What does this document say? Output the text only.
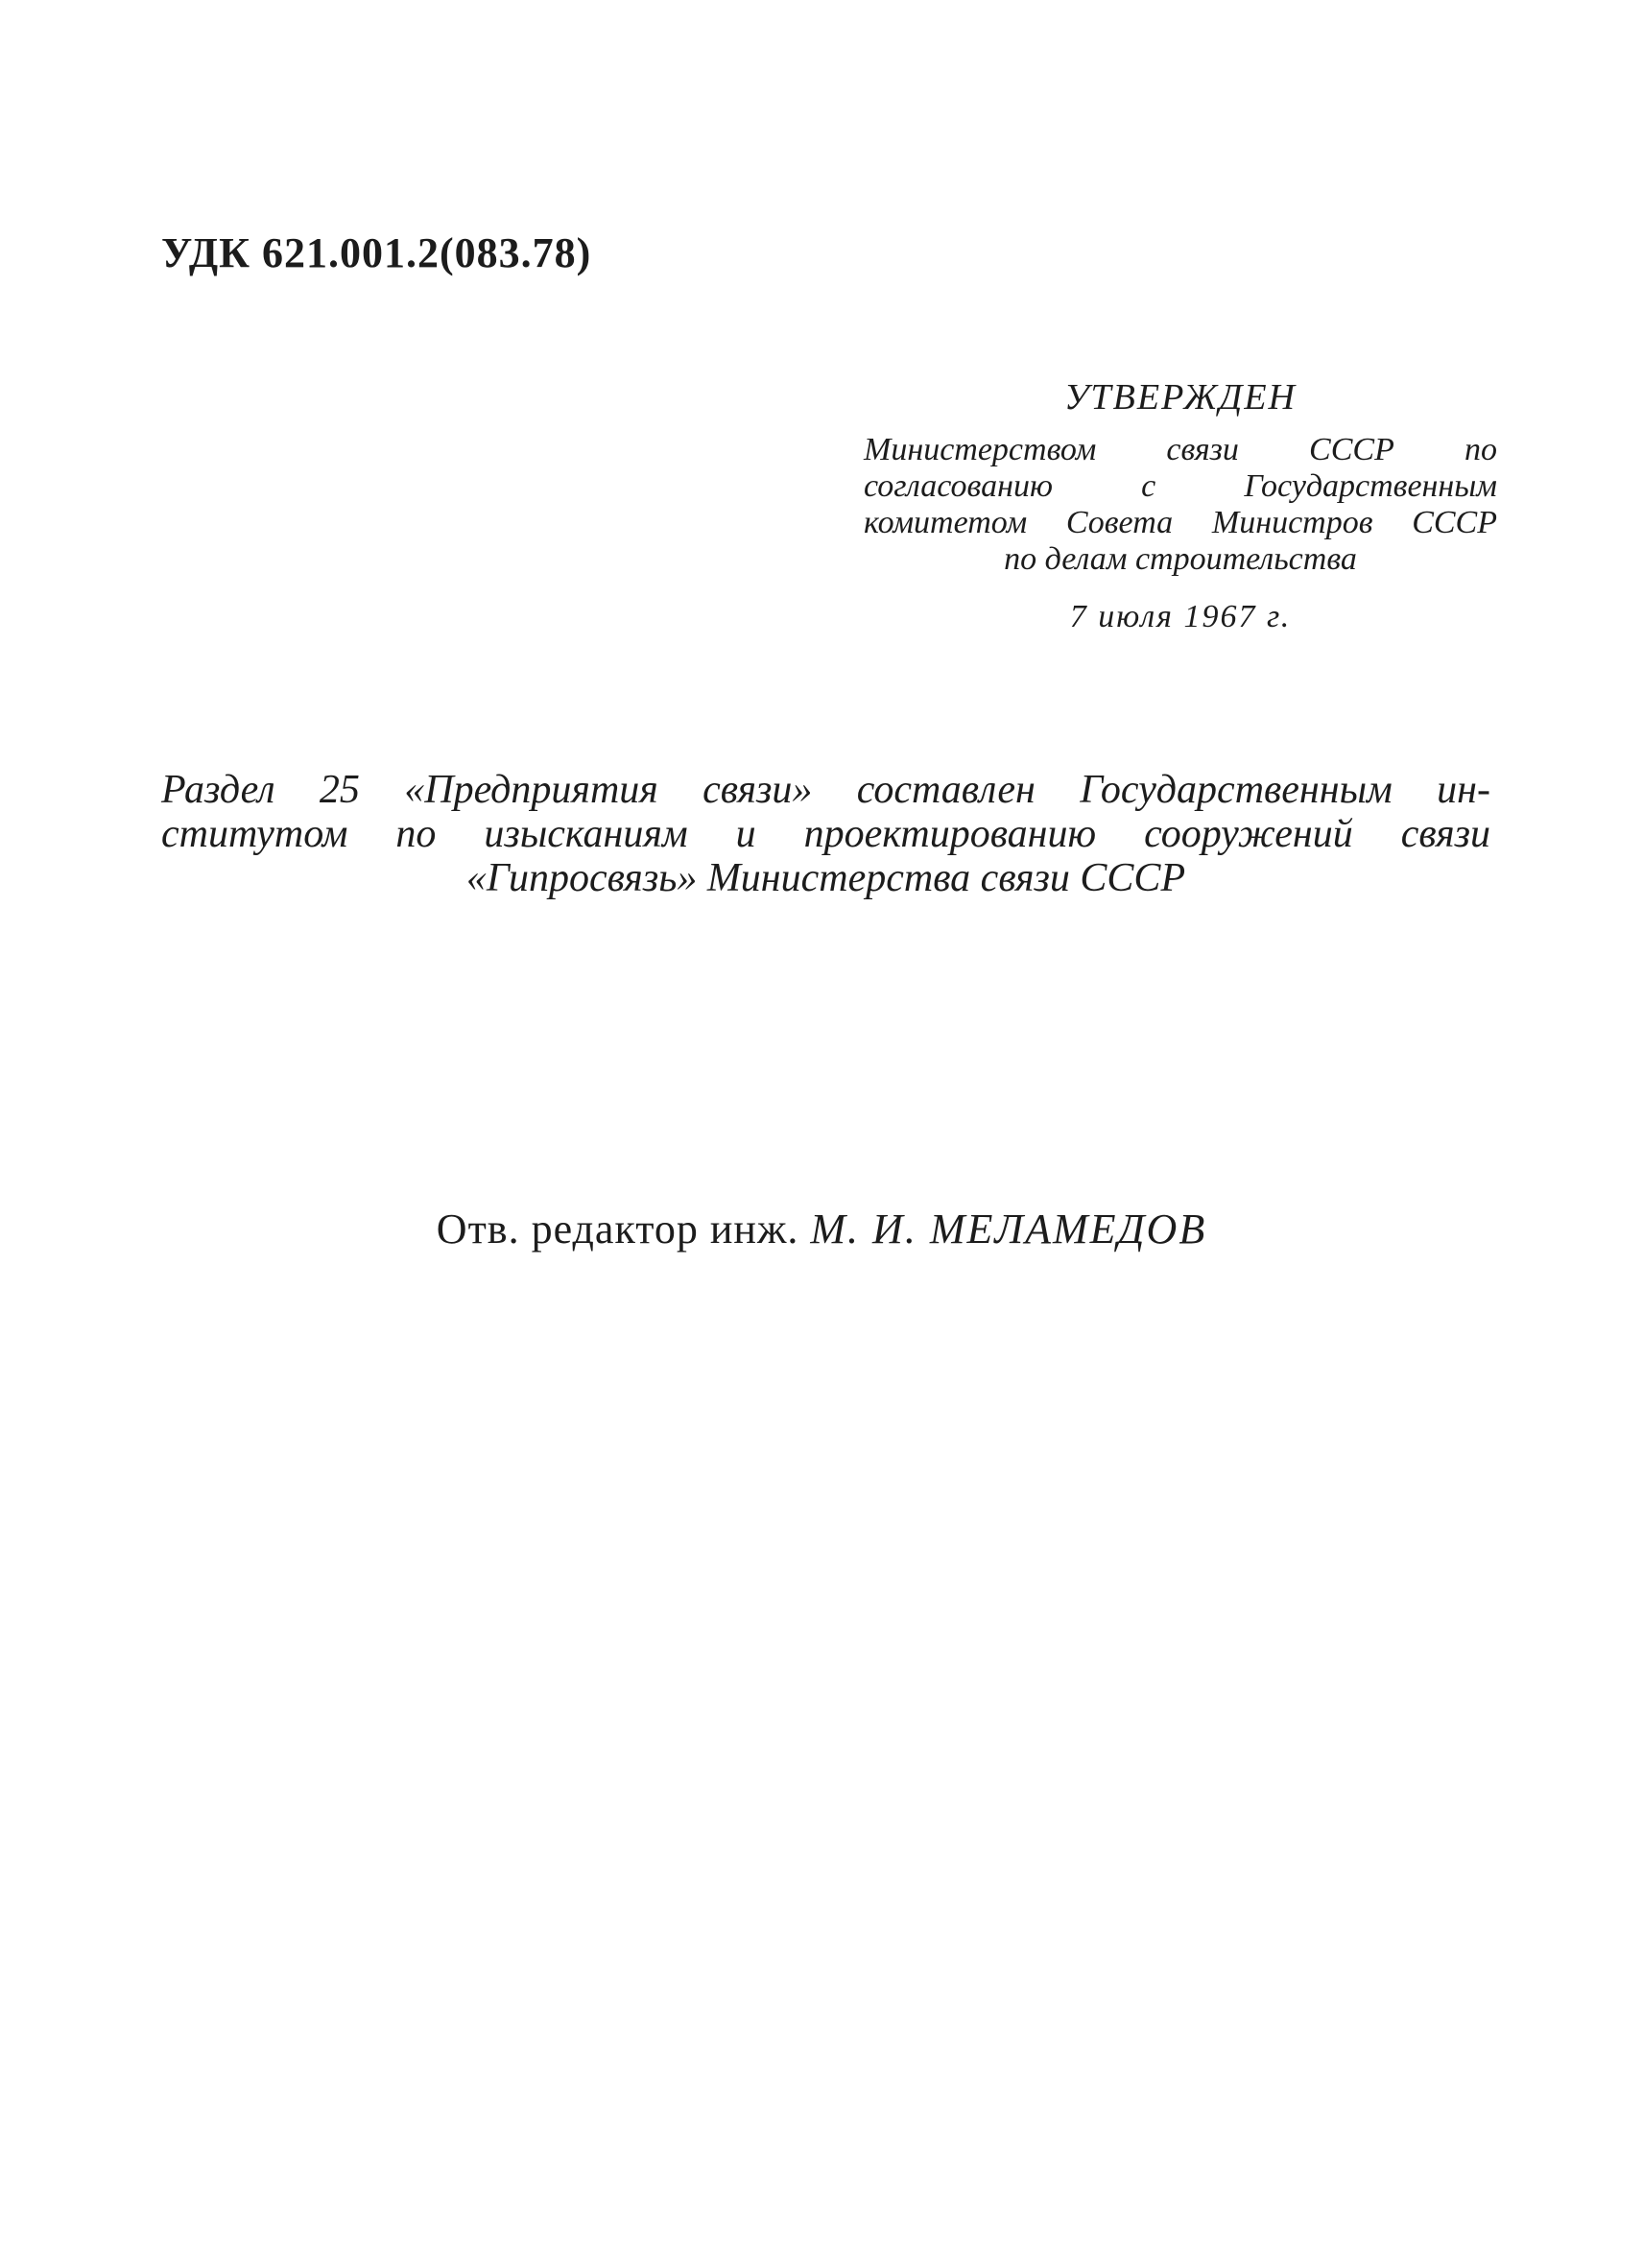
УДК 621.001.2(083.78)
УТВЕРЖДЕН
Министерством связи СССР по
согласованию с Государственным
комитетом Совета Министров СССР
по делам строительства
7 июля 1967 г.
Раздел 25 «Предприятия связи» составлен Государственным ин-
ститутом по изысканиям и проектированию сооружений связи
«Гипросвязь» Министерства связи СССР
Отв. редактор инж. М. И. МЕЛАМЕДОВ
